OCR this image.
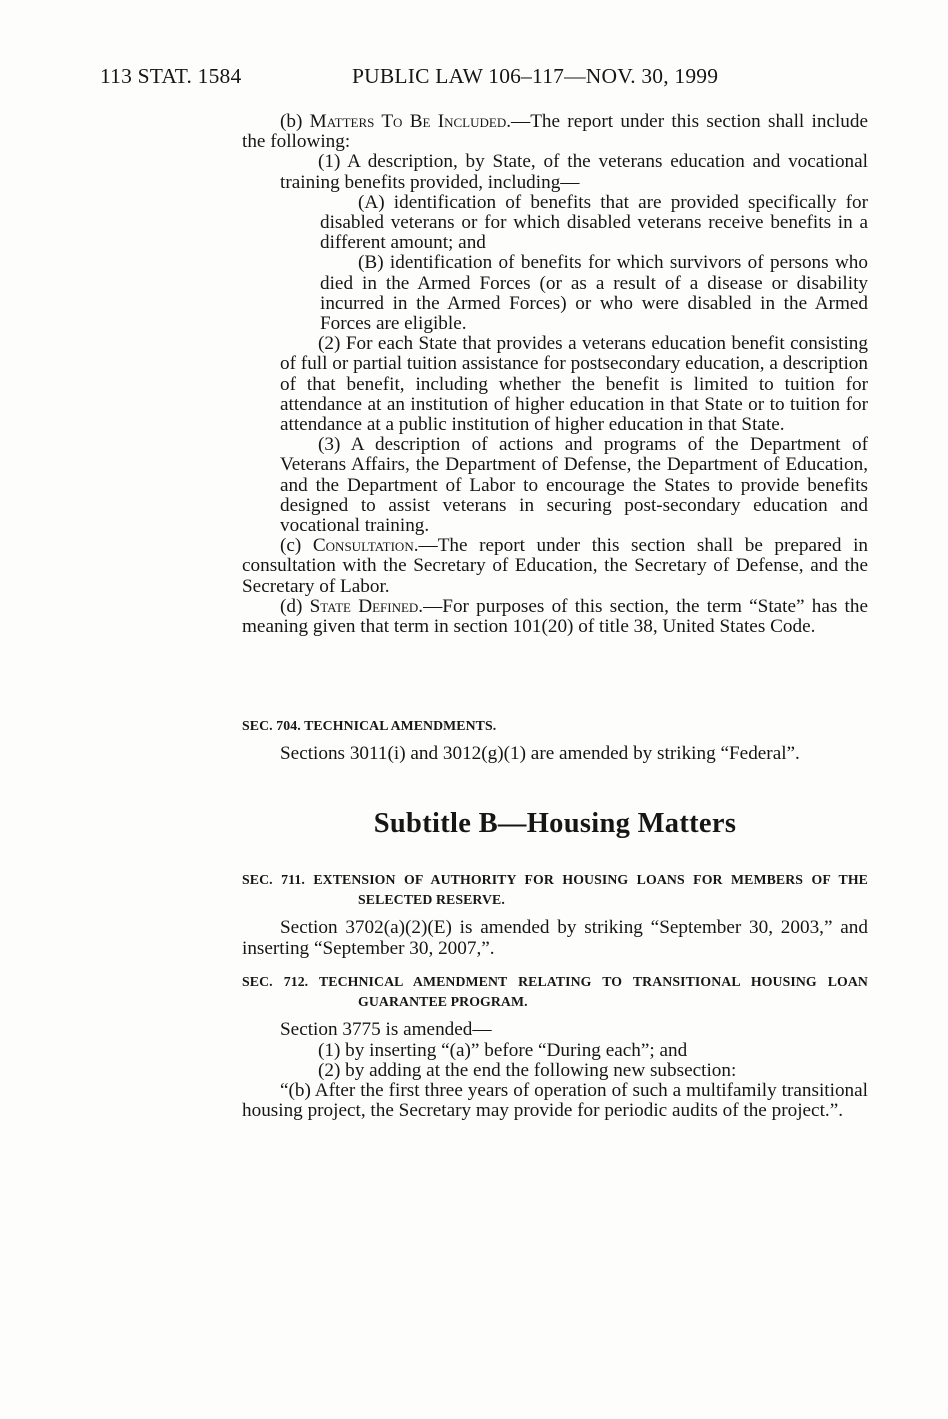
113 STAT. 1584	PUBLIC LAW 106–117—NOV. 30, 1999

(b) Matters To Be Included.—The report under this section shall include the following:

(1) A description, by State, of the veterans education and vocational training benefits provided, including—

(A) identification of benefits that are provided specifically for disabled veterans or for which disabled veterans receive benefits in a different amount; and

(B) identification of benefits for which survivors of persons who died in the Armed Forces (or as a result of a disease or disability incurred in the Armed Forces) or who were disabled in the Armed Forces are eligible.

(2) For each State that provides a veterans education benefit consisting of full or partial tuition assistance for postsecondary education, a description of that benefit, including whether the benefit is limited to tuition for attendance at an institution of higher education in that State or to tuition for attendance at a public institution of higher education in that State.

(3) A description of actions and programs of the Department of Veterans Affairs, the Department of Defense, the Department of Education, and the Department of Labor to encourage the States to provide benefits designed to assist veterans in securing post-secondary education and vocational training.

(c) Consultation.—The report under this section shall be prepared in consultation with the Secretary of Education, the Secretary of Defense, and the Secretary of Labor.

(d) State Defined.—For purposes of this section, the term “State” has the meaning given that term in section 101(20) of title 38, United States Code.

SEC. 704. TECHNICAL AMENDMENTS.

Sections 3011(i) and 3012(g)(1) are amended by striking “Federal”.

Subtitle B—Housing Matters
SEC. 711. EXTENSION OF AUTHORITY FOR HOUSING LOANS FOR MEMBERS OF THE SELECTED RESERVE.

Section 3702(a)(2)(E) is amended by striking “September 30, 2003,” and inserting “September 30, 2007,”.

SEC. 712. TECHNICAL AMENDMENT RELATING TO TRANSITIONAL HOUSING LOAN GUARANTEE PROGRAM.

Section 3775 is amended—

(1) by inserting “(a)” before “During each”; and

(2) by adding at the end the following new subsection:

“(b) After the first three years of operation of such a multifamily transitional housing project, the Secretary may provide for periodic audits of the project.”.
